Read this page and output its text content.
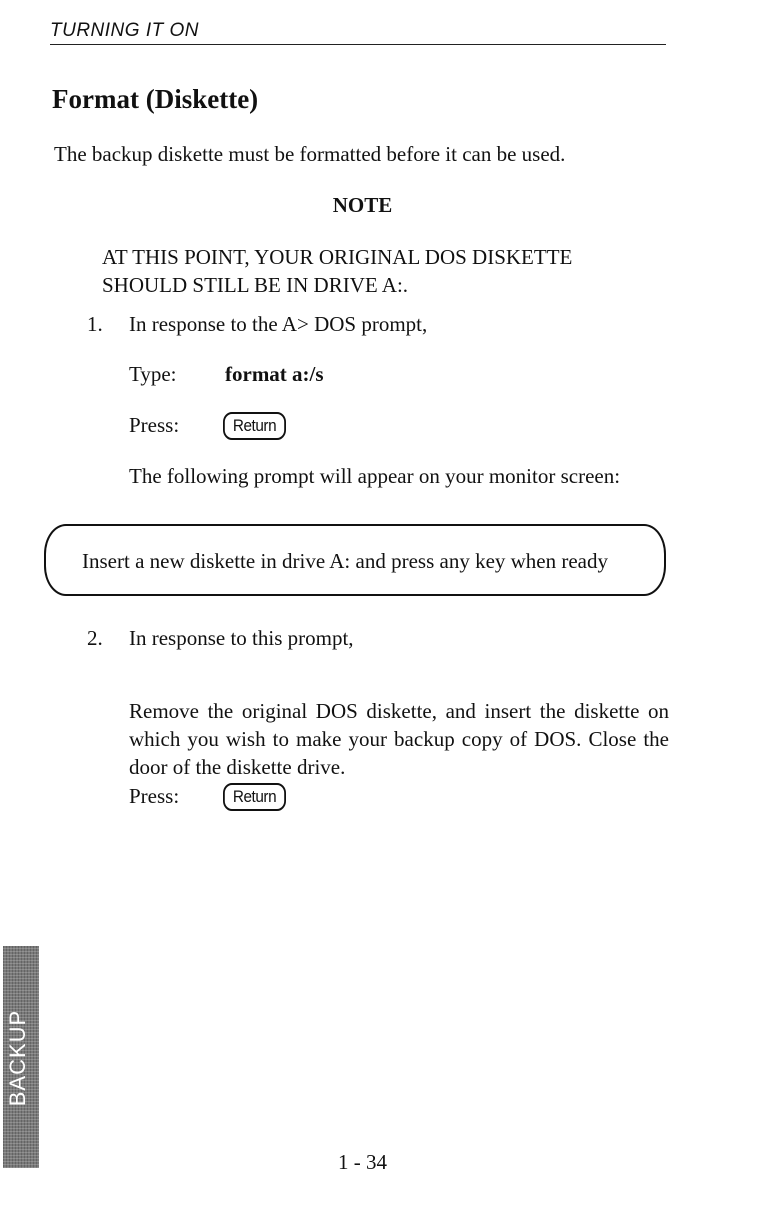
TURNING IT ON
Format (Diskette)

The backup diskette must be formatted before it can be used.

NOTE
AT THIS POINT, YOUR ORIGINAL DOS DISKETTE
SHOULD STILL BE IN DRIVE A:.
1. In response to the A> DOS prompt,
Type: format a:/s
Press:	Return
The following prompt will appear on your monitor screen:
Insert a new diskette in drive A: and press any key when ready
2. In response to this prompt,

Remove the original DOS diskette, and insert the diskette on which you wish to make your backup copy of DOS. Close the door of the diskette drive.

Press:	Return
BACKUP
1 - 34
